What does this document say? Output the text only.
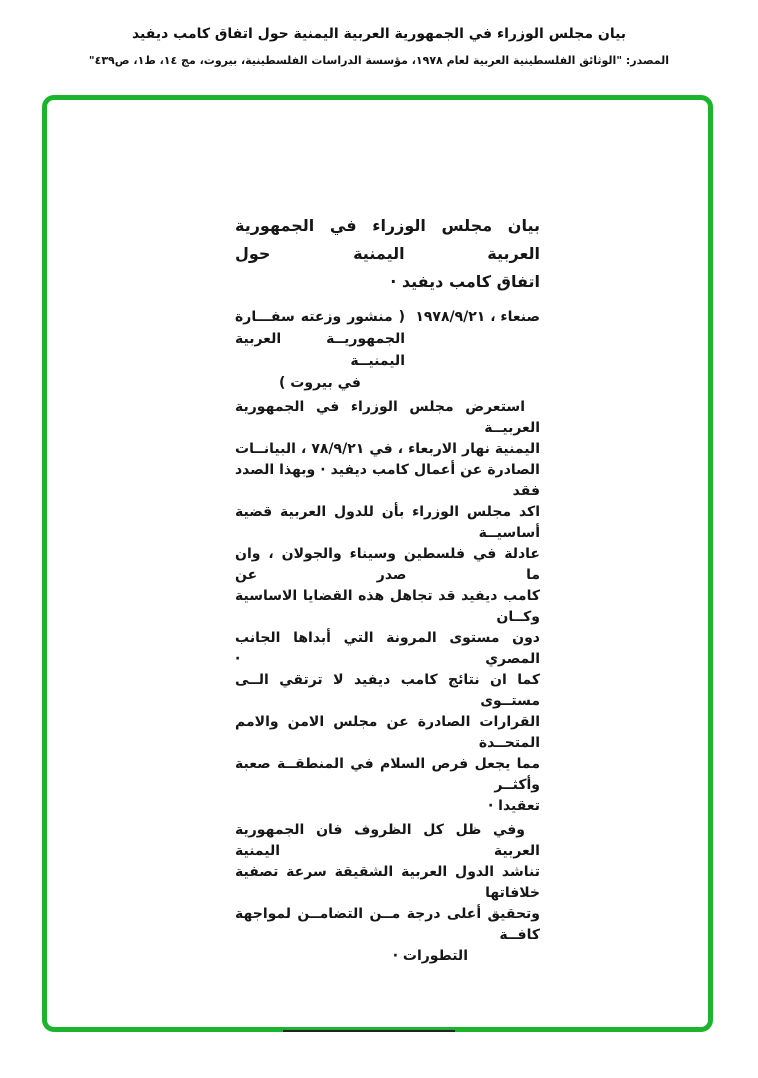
بيان مجلس الوزراء في الجمهورية العربية اليمنية حول اتفاق كامب ديفيد
المصدر: "الوثائق الفلسطينية العربية لعام ١٩٧٨، مؤسسة الدراسات الفلسطينية، بيروت، مج ١٤، ط١، ص٤٣٩"
بيان مجلس الوزراء في الجمهورية العربية اليمنية حول
اتفاق كامب ديفيد ·
صنعاء ، ١٩٧٨/٩/٢١
( منشور وزعته سفـــارة
الجمهوريــة العربية اليمنيــة
في بيروت )
استعرض مجلس الوزراء في الجمهورية العربيــة
اليمنية نهار الاربعاء ، في ٧٨/٩/٢١ ، البيانــات
الصادرة عن أعمال كامب ديفيد · وبهذا الصدد فقد
اكد مجلس الوزراء بأن للدول العربية قضية أساسيــة
عادلة في فلسطين وسيناء والجولان ، وان ما صدر عن
كامب ديفيد قد تجاهل هذه القضايا الاساسية وكــان
دون مستوى المرونة التي أبداها الجانب المصري ·
كما ان نتائج كامب ديفيد لا ترتقي الــى مستــوى
القرارات الصادرة عن مجلس الامن والامم المتحــدة
مما يجعل فرص السلام في المنطقــة صعبة وأكثــر
تعقيدا ·
وفي ظل كل الظروف فان الجمهورية العربية اليمنية
تناشد الدول العربية الشقيقة سرعة تصفية خلافاتها
وتحقيق أعلى درجة مــن التضامــن لمواجهة كافــة
التطورات ·
